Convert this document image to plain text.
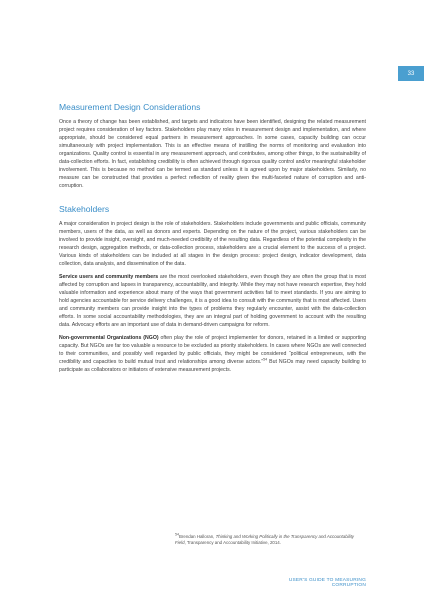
33
Measurement Design Considerations

Once a theory of change has been established, and targets and indicators have been identified, designing the related measurement project requires consideration of key factors. Stakeholders play many roles in measurement design and implementation, and where appropriate, should be considered equal partners in measurement approaches. In some cases, capacity building can occur simultaneously with project implementation. This is an effective means of instilling the norms of monitoring and evaluation into organizations. Quality control is essential in any measurement approach, and contributes, among other things, to the sustainability of data-collection efforts. In fact, establishing credibility is often achieved through rigorous quality control and/or meaningful stakeholder involvement. This is because no method can be termed as standard unless it is agreed upon by major stakeholders. Similarly, no measure can be constructed that provides a perfect reflection of reality given the multi-faceted nature of corruption and anti-corruption.

Stakeholders

A major consideration in project design is the role of stakeholders. Stakeholders include governments and public officials, community members, users of the data, as well as donors and experts. Depending on the nature of the project, various stakeholders can be involved to provide insight, oversight, and much-needed credibility of the resulting data. Regardless of the potential complexity in the research design, aggregation methods, or data-collection process, stakeholders are a crucial element to the success of a project. Various kinds of stakeholders can be included at all stages in the design process: project design, indicator development, data collection, data analysis, and dissemination of the data.

Service users and community members are the most overlooked stakeholders, even though they are often the group that is most affected by corruption and lapses in transparency, accountability, and integrity. While they may not have research expertise, they hold valuable information and experience about many of the ways that government activities fail to meet standards. If you are aiming to hold agencies accountable for service delivery challenges, it is a good idea to consult with the community that is most affected. Users and community members can provide insight into the types of problems they regularly encounter, assist with the data-collection efforts. In some social accountability methodologies, they are an integral part of holding government to account with the resulting data. Advocacy efforts are an important use of data in demand-driven campaigns for reform.

Non-governmental Organizations (NGO) often play the role of project implementer for donors, retained in a limited or supporting capacity. But NGOs are far too valuable a resource to be excluded as priority stakeholders. In cases where NGOs are well connected to their communities, and possibly well regarded by public officials, they might be considered “political entrepreneurs, with the credibility and capacities to build mutual trust and relationships among diverse actors.”$^{54}$ But NGOs may need capacity building to participate as collaborators or initiators of extensive measurement projects.

$^{54}$Brendan Halloran, Thinking and Working Politically in the Transparency and Accountability Field, Transparency and Accountability Initiative, 2014.
USER'S GUIDE TO MEASURING CORRUPTION
